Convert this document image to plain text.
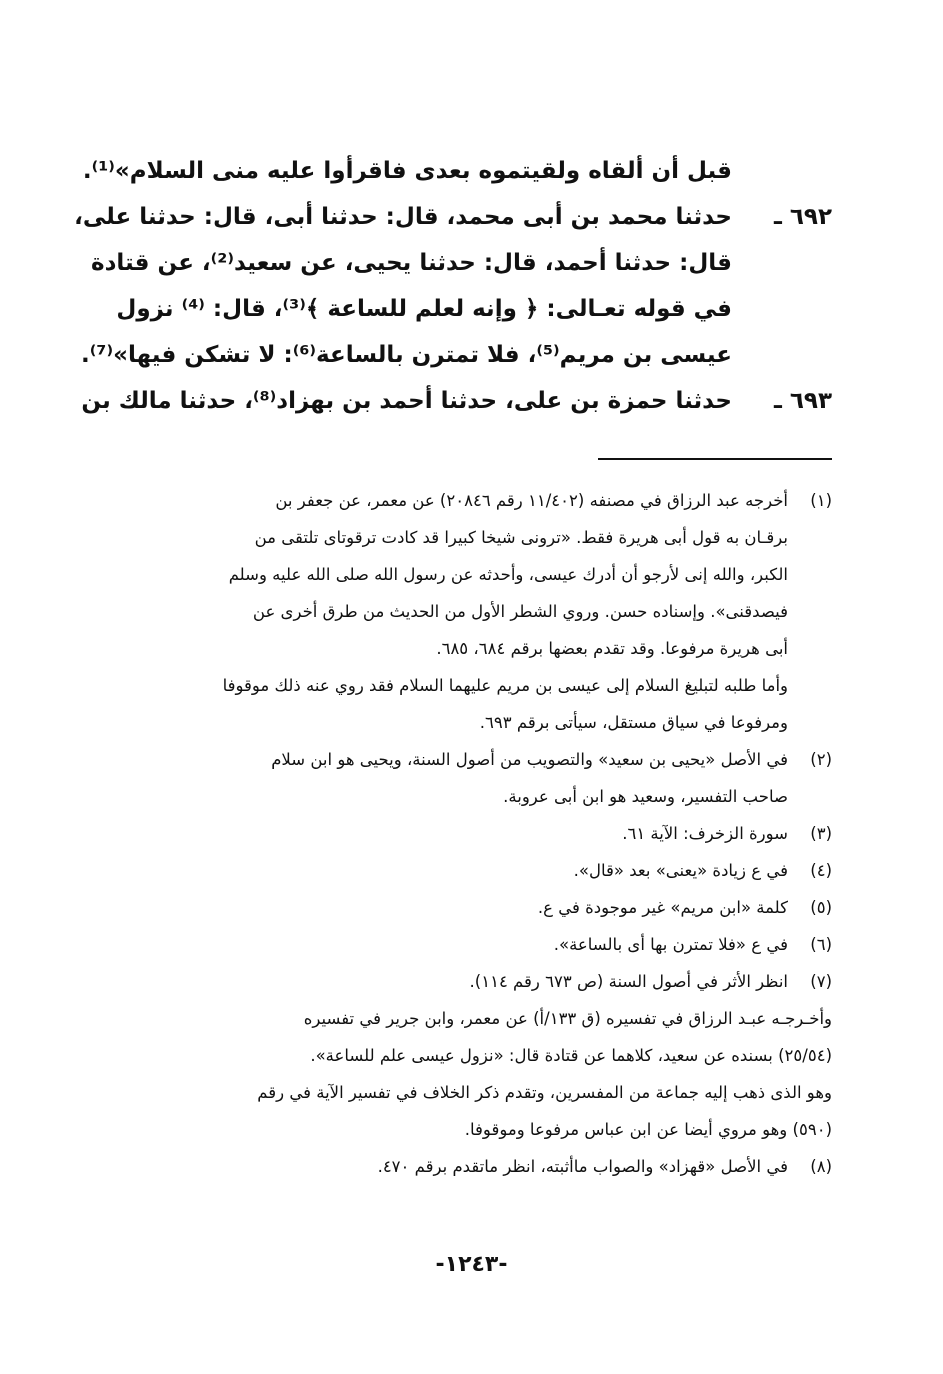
قبل أن ألقاه ولقيتموه بعدى فاقرأوا عليه منى السلام»⁽¹⁾.
٦٩٢ ـ
حدثنا محمد بن أبى محمد، قال: حدثنا أبى، قال: حدثنا على،
قال: حدثنا أحمد، قال: حدثنا يحيى، عن سعيد⁽²⁾، عن قتادة
في قوله تعـالى: ﴿ وإنه لعلم للساعة ﴾⁽³⁾، قال: ⁽⁴⁾ نزول
عيسى بن مريم⁽⁵⁾، فلا تمترن بالساعة⁽⁶⁾: لا تشكن فيها»⁽⁷⁾.
٦٩٣ ـ
حدثنا حمزة بن على، حدثنا أحمد بن بهزاد⁽⁸⁾، حدثنا مالك بن
(١)
أخرجه عبد الرزاق في مصنفه (١١/٤٠٢ رقم ٢٠٨٤٦) عن معمر، عن جعفر بن
برقـان به قول أبى هريرة فقط. «ترونى شيخا كبيرا قد كادت ترقوتاى تلتقى من
الكبر، والله إنى لأرجو أن أدرك عيسى، وأحدثه عن رسول الله صلى الله عليه وسلم
فيصدقنى». وإسناده حسن. وروي الشطر الأول من الحديث من طرق أخرى عن
أبى هريرة مرفوعا. وقد تقدم بعضها برقم ٦٨٤، ٦٨٥.
وأما طلبه لتبليغ السلام إلى عيسى بن مريم عليهما السلام فقد روي عنه ذلك موقوفا
ومرفوعا في سياق مستقل، سيأتى برقم ٦٩٣.
(٢)
في الأصل «يحيى بن سعيد» والتصويب من أصول السنة، ويحيى هو ابن سلام
صاحب التفسير، وسعيد هو ابن أبى عروبة.
(٣)
سورة الزخرف: الآية ٦١.
(٤)
في ع زيادة «يعنى» بعد «قال».
(٥)
كلمة «ابن مريم» غير موجودة في ع.
(٦)
في ع «فلا تمترن بها أى بالساعة».
(٧)
انظر الأثر في أصول السنة (ص ٦٧٣ رقم ١١٤).
وأخـرجـه عبـد الرزاق في تفسيره (ق ١٣٣/أ) عن معمر، وابن جرير في تفسيره
(٢٥/٥٤) بسنده عن سعيد، كلاهما عن قتادة قال: «نزول عيسى علم للساعة».
وهو الذى ذهب إليه جماعة من المفسرين، وتقدم ذكر الخلاف في تفسير الآية في رقم
(٥٩٠) وهو مروي أيضا عن ابن عباس مرفوعا وموقوفا.
(٨)
في الأصل «قهزاد» والصواب ماأثبته، انظر ماتقدم برقم ٤٧٠.
-١٢٤٣-
